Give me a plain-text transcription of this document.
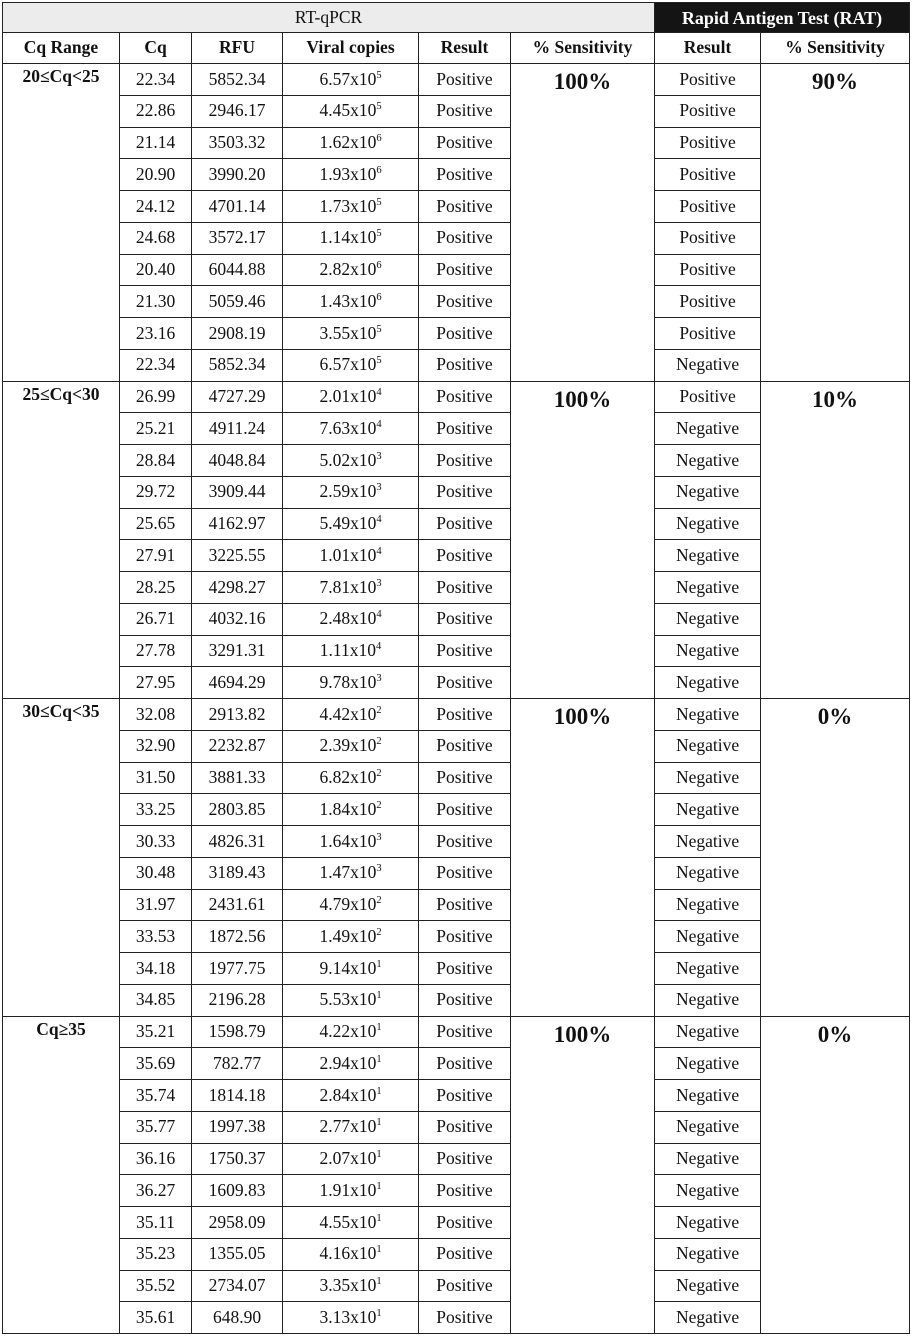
RT-qPCR						Rapid Antigen Test (RAT)	
Cq Range	Cq	RFU	Viral copies	Result	% Sensitivity	Result	% Sensitivity
20≤Cq<25	22.34	5852.34	$6.57x10^5$	Positive	100%	Positive	90%
	22.86	2946.17	$4.45x10^5$	Positive		Positive	
	21.14	3503.32	$1.62x10^6$	Positive		Positive	
	20.90	3990.20	$1.93x10^6$	Positive		Positive	
	24.12	4701.14	$1.73x10^5$	Positive		Positive	
	24.68	3572.17	$1.14x10^5$	Positive		Positive	
	20.40	6044.88	$2.82x10^6$	Positive		Positive	
	21.30	5059.46	$1.43x10^6$	Positive		Positive	
	23.16	2908.19	$3.55x10^5$	Positive		Positive	
	22.34	5852.34	$6.57x10^5$	Positive		Negative	
25≤Cq<30	26.99	4727.29	$2.01x10^4$	Positive	100%	Positive	10%
	25.21	4911.24	$7.63x10^4$	Positive		Negative	
	28.84	4048.84	$5.02x10^3$	Positive		Negative	
	29.72	3909.44	$2.59x10^3$	Positive		Negative	
	25.65	4162.97	$5.49x10^4$	Positive		Negative	
	27.91	3225.55	$1.01x10^4$	Positive		Negative	
	28.25	4298.27	$7.81x10^3$	Positive		Negative	
	26.71	4032.16	$2.48x10^4$	Positive		Negative	
	27.78	3291.31	$1.11x10^4$	Positive		Negative	
	27.95	4694.29	$9.78x10^3$	Positive		Negative	
30≤Cq<35	32.08	2913.82	$4.42x10^2$	Positive	100%	Negative	0%
	32.90	2232.87	$2.39x10^2$	Positive		Negative	
	31.50	3881.33	$6.82x10^2$	Positive		Negative	
	33.25	2803.85	$1.84x10^2$	Positive		Negative	
	30.33	4826.31	$1.64x10^3$	Positive		Negative	
	30.48	3189.43	$1.47x10^3$	Positive		Negative	
	31.97	2431.61	$4.79x10^2$	Positive		Negative	
	33.53	1872.56	$1.49x10^2$	Positive		Negative	
	34.18	1977.75	$9.14x10^1$	Positive		Negative	
	34.85	2196.28	$5.53x10^1$	Positive		Negative	
Cq≥35	35.21	1598.79	$4.22x10^1$	Positive	100%	Negative	0%
	35.69	782.77	$2.94x10^1$	Positive		Negative	
	35.74	1814.18	$2.84x10^1$	Positive		Negative	
	35.77	1997.38	$2.77x10^1$	Positive		Negative	
	36.16	1750.37	$2.07x10^1$	Positive		Negative	
	36.27	1609.83	$1.91x10^1$	Positive		Negative	
	35.11	2958.09	$4.55x10^1$	Positive		Negative	
	35.23	1355.05	$4.16x10^1$	Positive		Negative	
	35.52	2734.07	$3.35x10^1$	Positive		Negative	
	35.61	648.90	$3.13x10^1$	Positive		Negative	
